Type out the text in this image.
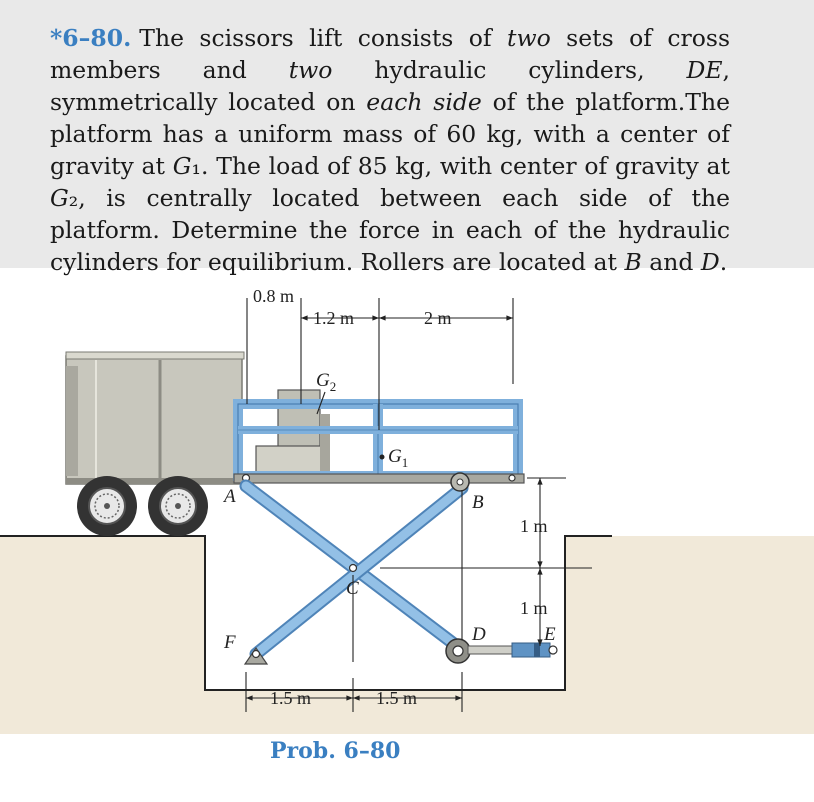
*6–80. The scissors lift consists of two sets of cross members and two hydraulic cylinders, DE, symmetrically located on each side of the platform.The platform has a uniform mass of 60 kg, with a center of gravity at G₁. The load of 85 kg, with center of gravity at G₂, is centrally located between each side of the platform. Determine the force in each of the hydraulic cylinders for equilibrium. Rollers are located at B and D.
0.8 m
1.2 m	2 m
1 m
1 m
1.5 m	1.5 m
$G_2$
$G_1$
A	B
C
D	E
F
Prob. 6–80
